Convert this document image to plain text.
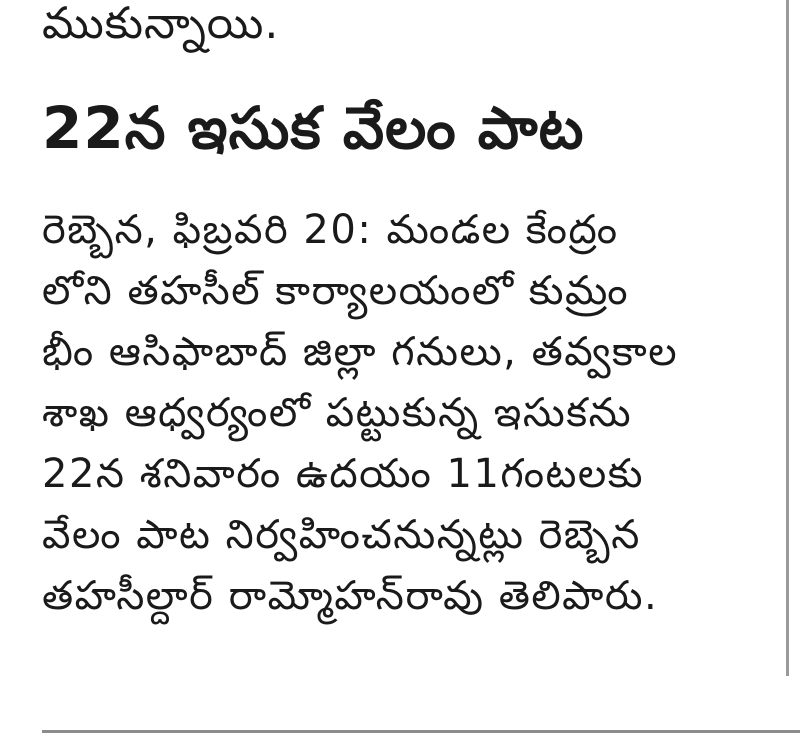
ముకున్నాయి.
22న ఇసుక వేలం పాట
రెబ్బెన, ఫిబ్రవరి 20: మండల కేంద్రం
లోని తహసీల్ కార్యాలయంలో కుమ్రం
భీం ఆసిఫాబాద్ జిల్లా గనులు, తవ్వకాల
శాఖ ఆధ్వర్యంలో పట్టుకున్న ఇసుకను
22న శనివారం ఉదయం 11గంటలకు
వేలం పాట నిర్వహించనున్నట్లు రెబ్బెన
తహసీల్దార్ రామ్మోహన్‌రావు తెలిపారు.
